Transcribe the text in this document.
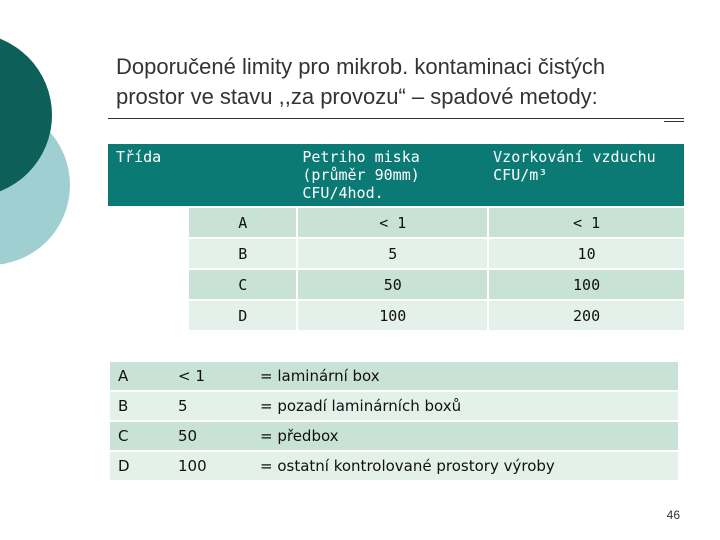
Doporučené limity pro mikrob. kontaminaci čistých prostor ve stavu ,,za provozu“ – spadové metody:
Třída		Petriho miska (průměr 90mm) CFU/4hod.	Vzorkování vzduchu CFU/m³
	A	< 1	< 1
	B	5	10
	C	50	100
	D	100	200
A	< 1	= laminární box
B	5	= pozadí laminárních boxů
C	50	= předbox
D	100	= ostatní kontrolované prostory výroby
46
